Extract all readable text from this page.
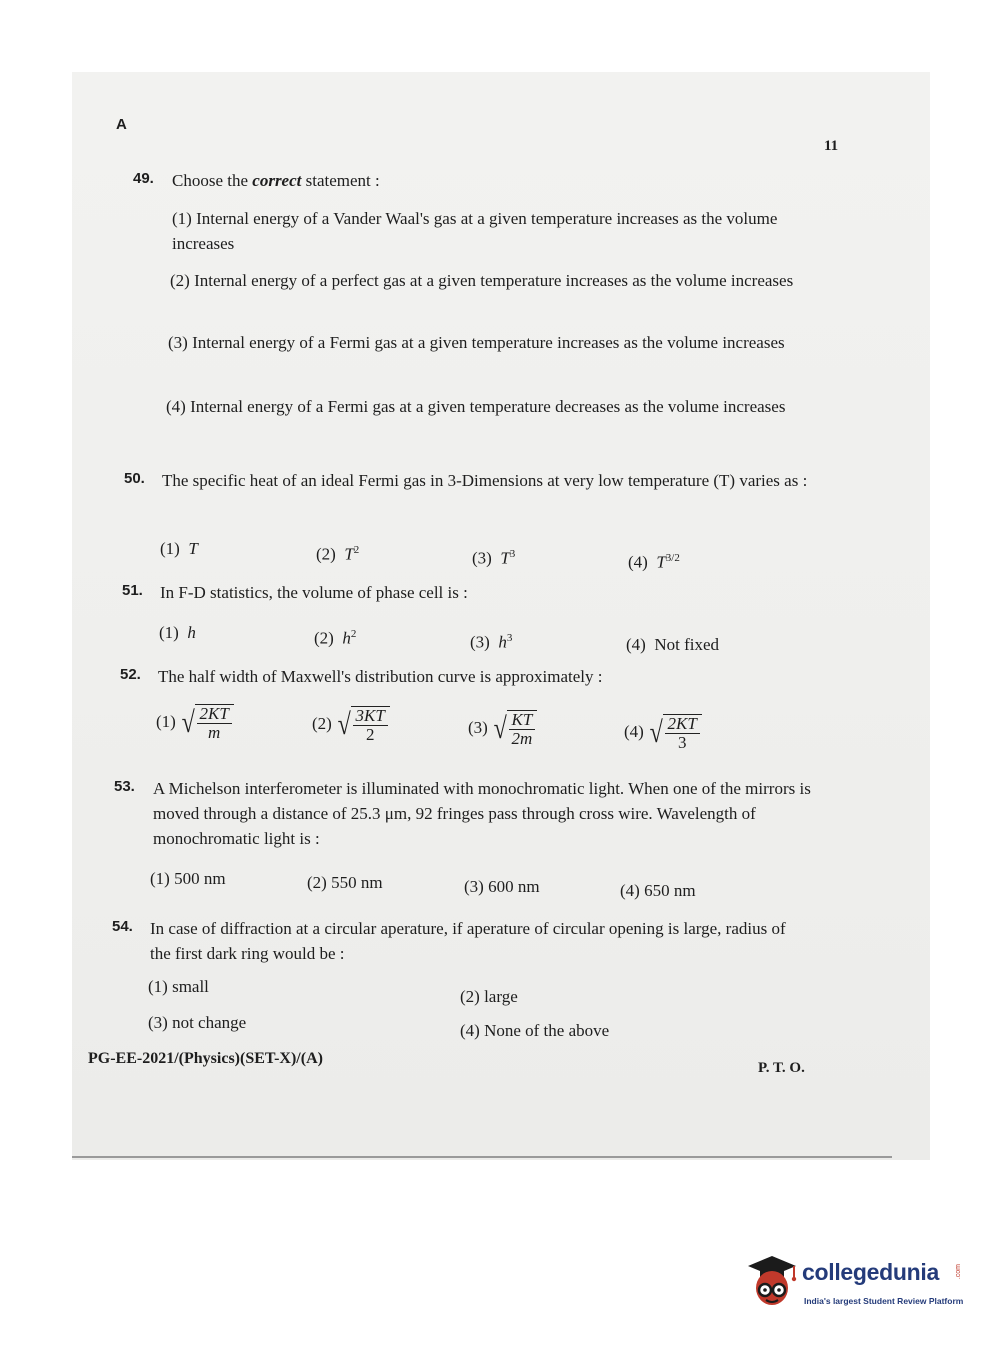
A
11
49. Choose the correct statement :
(1) Internal energy of a Vander Waal's gas at a given temperature increases as the volume increases
(2) Internal energy of a perfect gas at a given temperature increases as the volume increases
(3) Internal energy of a Fermi gas at a given temperature increases as the volume increases
(4) Internal energy of a Fermi gas at a given temperature decreases as the volume increases
50. The specific heat of an ideal Fermi gas in 3-Dimensions at very low temperature (T) varies as :
(1) T	(2) $T^2$	(3) $T^3$	(4) $T^{3/2}$
51. In F-D statistics, the volume of phase cell is :
(1) h	(2) $h^2$	(3) $h^3$	(4) Not fixed
52. The half width of Maxwell's distribution curve is approximately :
(1) √ $\frac{2KT}{m}$	(2) √ $\frac{3KT}{2}$	(3) √ $\frac{KT}{2m}$	(4) √ $\frac{2KT}{3}$
53. A Michelson interferometer is illuminated with monochromatic light. When one of the mirrors is moved through a distance of 25.3 μm, 92 fringes pass through cross wire. Wavelength of monochromatic light is :
(1) 500 nm	(2) 550 nm	(3) 600 nm	(4) 650 nm
54. In case of diffraction at a circular aperature, if aperature of circular opening is large, radius of the first dark ring would be :
(1) small
(2) large
(3) not change	(4) None of the above
PG-EE-2021/(Physics)(SET-X)/(A)
P. T. O.
collegedunia .com
India's largest Student Review Platform
